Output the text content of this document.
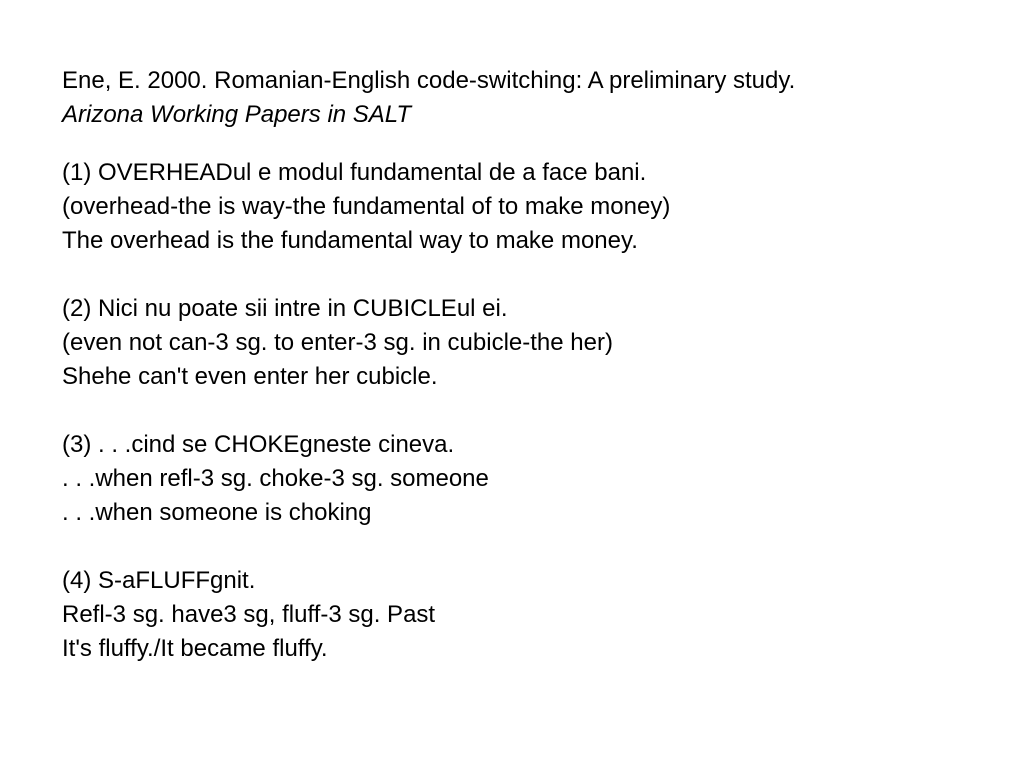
Ene, E. 2000. Romanian-English code-switching: A preliminary study.
Arizona Working Papers in SALT
(1) OVERHEADul e modul fundamental de a face bani.
(overhead-the is way-the fundamental of to make money)
The overhead is the fundamental way to make money.
(2) Nici nu poate sii intre in CUBICLEul ei.
(even not can-3 sg. to enter-3 sg. in cubicle-the her)
Shehe can't even enter her cubicle.
(3) . . .cind se CHOKEgneste cineva.
. . .when refl-3 sg. choke-3 sg. someone
. . .when someone is choking
(4) S-aFLUFFgnit.
Refl-3 sg. have3 sg, fluff-3 sg. Past
It's fluffy./It became fluffy.
